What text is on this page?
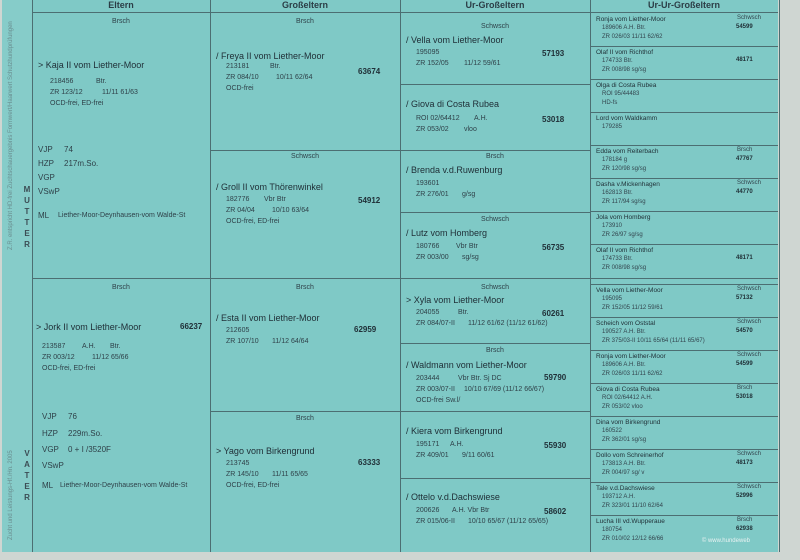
Z.R. entspricht HD-frei Zuchtschauergebnis Formwert/Haarwert Schutzhundprüfungen
Zucht und Leistungs-Hf./Hn. 2005
M
U
T
T
E
R
V
A
T
E
R
Eltern	Großeltern	Ur-Großeltern	Ur-Ur-Großeltern
Brsch
> Kaja II vom Liether-Moor
218456	Btr.
ZR 123/12	11/11 61/63
OCD-frei, ED-frei
VJP 74
HZP 217m.So.
VGP
VSwP
ML Liether-Moor-Deynhausen-vom Walde-St
Brsch
> Jork II vom Liether-Moor	66237
213587 A.H. Btr.
ZR 003/12 11/12 65/66
OCD-frei, ED-frei
VJP 76
HZP 229m.So.
VGP 0 + I /3520F
VSwP
ML Liether-Moor-Deynhausen-vom Walde-St
Brsch
/ Freya II vom Liether-Moor
213181	Btr.
63674
ZR 084/10 10/11 62/64
OCD-frei
Schwsch
/ Groll II vom Thörenwinkel
182776 Vbr Btr	54912
ZR 04/04 10/10 63/64
OCD-frei, ED-frei
Brsch
/ Esta II vom Liether-Moor
212605	62959
ZR 107/10 11/12 64/64
Brsch
> Yago vom Birkengrund
213745	63333
ZR 145/10 11/11 65/65
OCD-frei, ED-frei
Schwsch
/ Vella vom Liether-Moor
195095	57193
ZR 152/05 11/12 59/61
/ Giova di Costa Rubea
ROI 02/64412 A.H.	53018
ZR 053/02 vloo
Brsch
/ Brenda v.d.Ruwenburg
193601
ZR 276/01 g/sg
Schwsch
/ Lutz vom Homberg
180766 Vbr Btr	56735
ZR 003/00 sg/sg
Schwsch
> Xyla vom Liether-Moor
204055	Btr.	60261
ZR 084/07-II 11/12 61/62 (11/12 61/62)
Brsch
/ Waldmann vom Liether-Moor
203444	Vbr Btr. Sj DC	59790
ZR 003/07-II 10/10 67/69 (11/12 66/67)
OCD-frei Sw.l/
/ Kiera vom Birkengrund
195171 A.H.	55930
ZR 409/01 9/11 60/61
/ Ottelo v.d.Dachswiese
200626 A.H. Vbr Btr	58602
ZR 015/06-II 10/10 65/67 (11/12 65/65)
Ronja vom Liether-Moor	Schwsch
189606 A.H. Btr.	54599
ZR 026/03 11/11 62/62
Olaf II vom Richthof
174733 Btr.	48171
ZR 008/98 sg/sg
Olga di Costa Rubea
ROI 95/44483
HD-fs
Lord vom Waldkamm
179285
Edda vom Reiterbach	Brsch
178184 g	47767
ZR 120/98 sg/sg
Dasha v.Mickenhagen	Schwsch
162813 Btr.	44770
ZR 117/94 sg/sg
Jola vom Homberg
173910
ZR 26/97 sg/sg
Olaf II vom Richthof
174733 Btr.	48171
ZR 008/98 sg/sg
Vella vom Liether-Moor	Schwsch
195095	57132
ZR 152/05 11/12 59/61
Scheich vom Oststal	Schwsch
190527 A.H. Btr.	54570
ZR 375/03-II 10/11 65/64 (11/11 65/67)
Ronja vom Liether-Moor	Schwsch
189606 A.H. Btr.	54599
ZR 026/03 11/11 62/62
Giova di Costa Rubea	Brsch
ROI 02/64412 A.H.	53018
ZR 053/02 vloo
Dina vom Birkengrund
160522
ZR 362/01 sg/sg
Dollo vom Schreinerhof	Schwsch
173813 A.H. Btr.	48173
ZR 004/97 sg/ v
Tale v.d.Dachswiese	Schwsch
193712 A.H.	52996
ZR 323/01 11/10 62/64
Lucha III vd.Wupperaue	Brsch
180754	62938
ZR 010/02 12/12 66/66	© www.hundeweb
